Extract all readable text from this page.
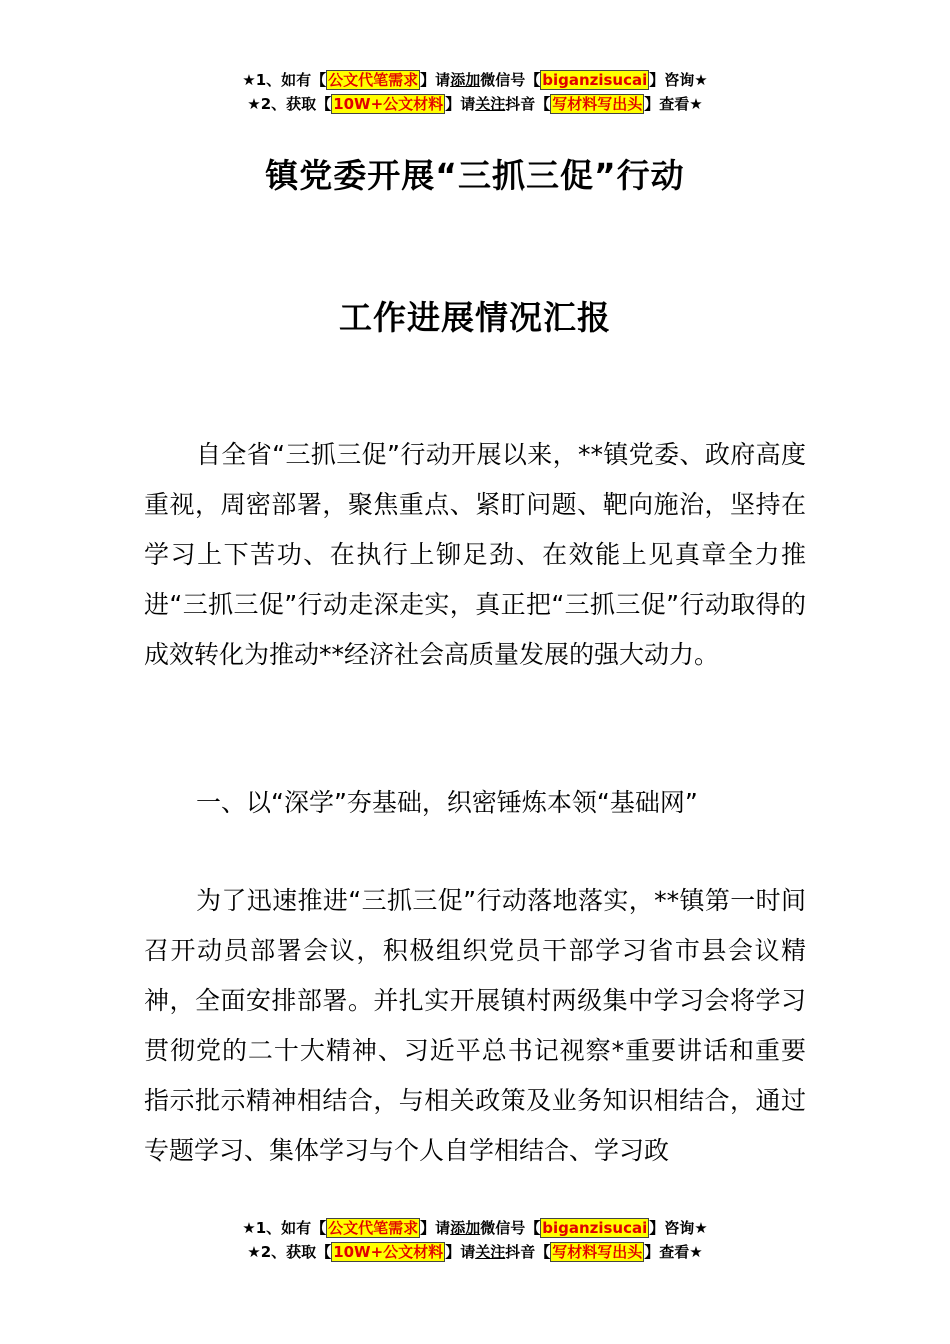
★1、如有【 公文代笔需求 】请添加微信号【 biganzisucai 】咨询★
★2、获取【 10W+公文材料 】请关注抖音【 写材料写出头 】查看★
镇党委开展“三抓三促”行动
工作进展情况汇报

自全省“三抓三促”行动开展以来，**镇党委、政府高度重视，周密部署，聚焦重点、紧盯问题、靶向施治，坚持在学习上下苦功、在执行上铆足劲、在效能上见真章全力推进“三抓三促”行动走深走实，真正把“三抓三促”行动取得的成效转化为推动**经济社会高质量发展的强大动力。

一、以“深学”夯基础，织密锤炼本领“基础网”

为了迅速推进“三抓三促”行动落地落实，**镇第一时间召开动员部署会议，积极组织党员干部学习省市县会议精神，全面安排部署。并扎实开展镇村两级集中学习会将学习贯彻党的二十大精神、习近平总书记视察*重要讲话和重要指示批示精神相结合，与相关政策及业务知识相结合，通过专题学习、集体学习与个人自学相结合、学习政

★1、如有【 公文代笔需求 】请添加微信号【 biganzisucai 】咨询★
★2、获取【 10W+公文材料 】请关注抖音【 写材料写出头 】查看★
